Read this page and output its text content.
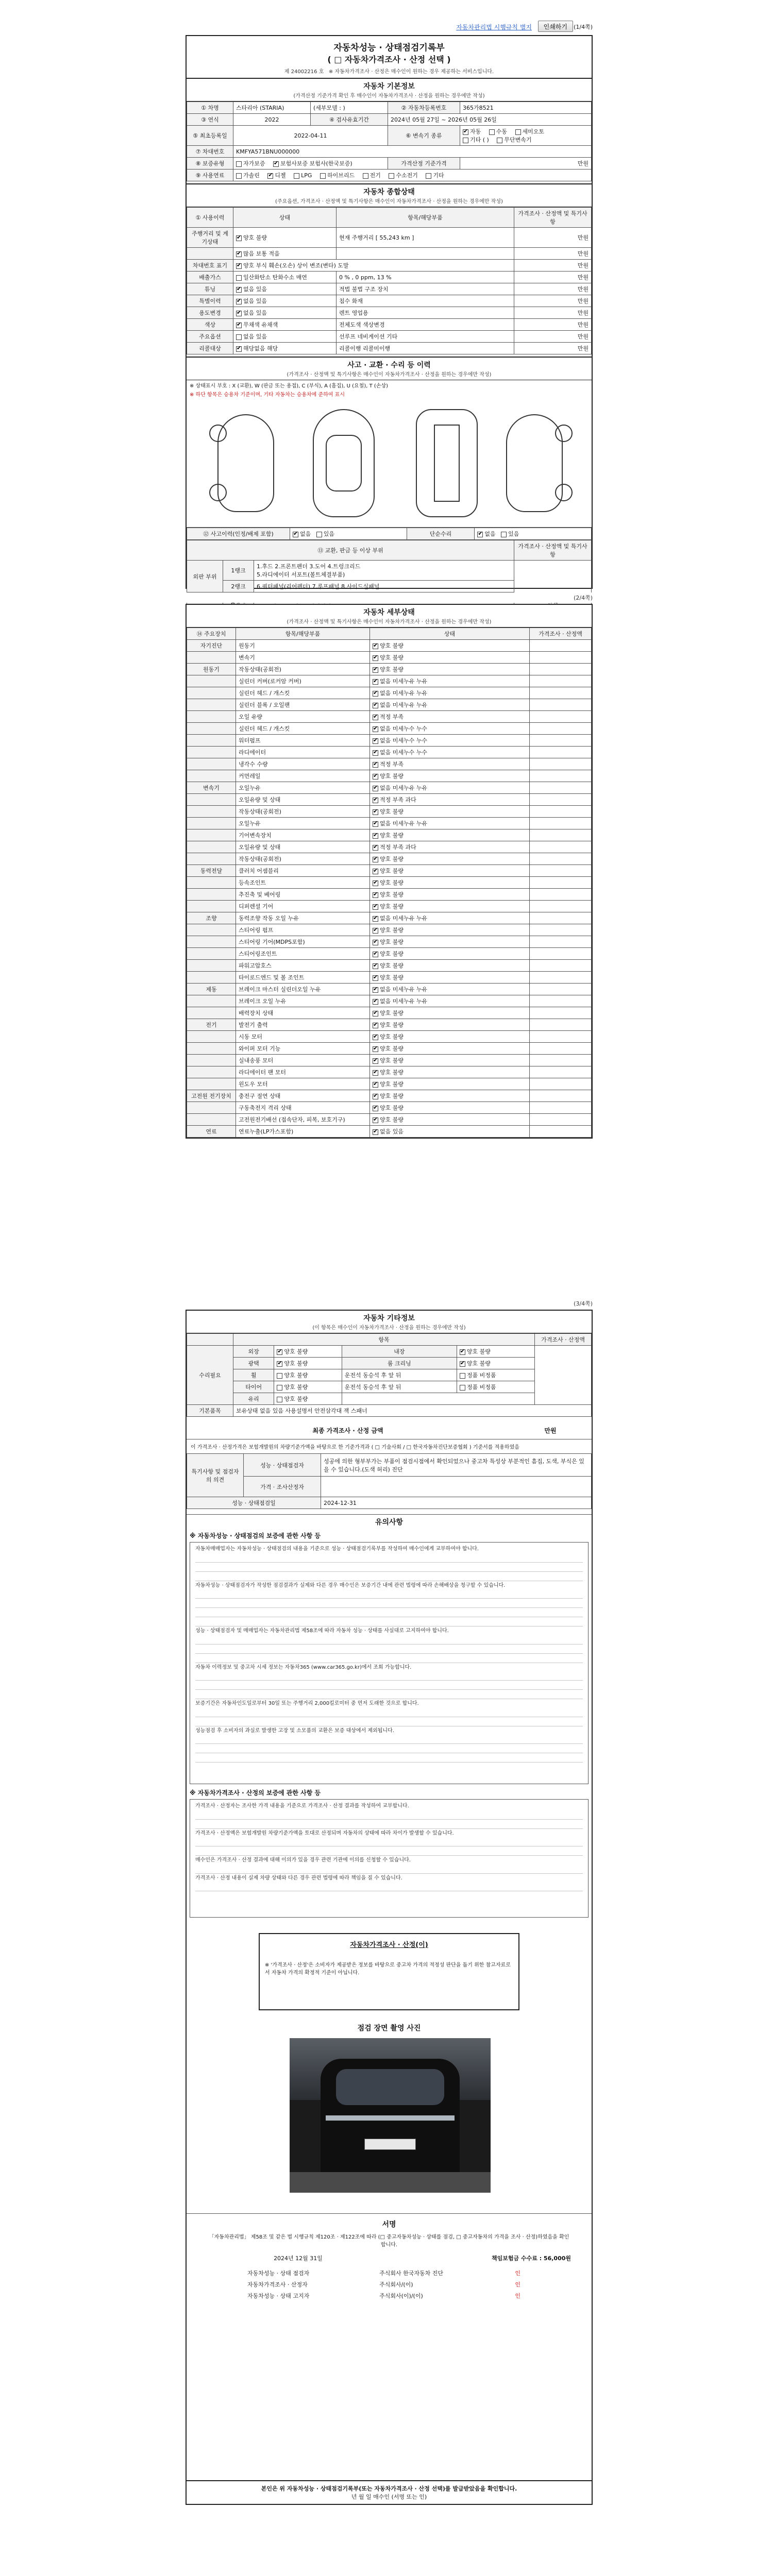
자동차관리법 시행규칙 별지	인쇄하기	(1/4쪽)
자동차성능 · 상태점검기록부
( □ 자동차가격조사 · 산정 선택 )
제 24002216 호 ※ 자동차가격조사 · 산정은 매수인이 원하는 경우 제공하는 서비스입니다.
자동차 기본정보
(가격산정 기준가격 확인 후 매수인이 자동차가격조사 · 산정을 원하는 경우에만 작성)
① 차명	스타리아 (STARIA)	(세부모델 : )	② 자동차등록번호	365가8521
③ 연식	2022	④ 검사유효기간	2024년 05월 27일 ~ 2026년 05월 26일	
⑤ 최초등록일	2022-04-11		⑥ 변속기 종류	✔자동 수동 세미오토
기타 ( ) 무단변속기
⑦ 차대번호	KMFYA571BNU000000			
⑧ 보증유형	자가보증 ✔ 보험사보증 보험사(한국보증)		가격산정 기준가격	만원
⑨ 사용연료	가솔린 ✔ 디젤 LPG 하이브리드 전기 수소전기 기타
자동차 종합상태
(주요옵션, 가격조사 · 산정액 및 특기사항은 매수인이 자동차가격조사 · 산정을 원하는 경우에만 작성)
① 사용이력	상태	항목/해당부품	가격조사 · 산정액 및 특기사항
주행거리 및 계기상태	✔양호 불량	현재 주행거리 [ 55,243 km ]	만원
	✔많음 보통 적음		만원
차대번호 표기	✔양호 부식 훼손(오손) 상이 변조(변타) 도말		만원
배출가스	일산화탄소 탄화수소 매연	0 % , 0 ppm, 13 %	만원
튜닝	✔없음 있음	적법 불법 구조 장치	만원
특별이력	✔없음 있음	침수 화재	만원
용도변경	✔없음 있음	렌트 영업용	만원
색상	✔무채색 유채색	전체도색 색상변경	만원
주요옵션	없음 있음	선루프 네비게이션 기타	만원
리콜대상	✔해당없음 해당	리콜이행 리콜미이행	만원
사고 · 교환 · 수리 등 이력
(가격조사 · 산정액 및 특기사항은 매수인이 자동차가격조사 · 산정을 원하는 경우에만 작성)
※ 상태표시 부호 : X (교환), W (판금 또는 용접), C (부식), A (흠집), U (요철), T (손상)
※ 하단 항목은 승용차 기준이며, 기타 자동차는 승용차에 준하여 표시
⑫ 사고이력(인정/배제 포함)	✔없음 있음	단순수리	✔없음 있음
⑬ 교환, 판금 등 이상 부위			가격조사 · 산정액 및 특기사항
외판 부위	1랭크	1.후드 2.프론트펜더 3.도어 4.트렁크리드
5.라디에이터 서포트(볼트체결부품)

	2랭크	6.쿼터패널(리어펜더) 7.루프패널 8.사이드실패널	

(2/4쪽)
자동차 세부상태
(가격조사 · 산정액 및 특기사항은 매수인이 자동차가격조사 · 산정을 원하는 경우에만 작성)
⑭ 주요장치	항목/해당부품	상태	가격조사 · 산정액
자기진단	원동기	✔양호 불량	
	변속기	✔양호 불량	
원동기	작동상태(공회전)	✔양호 불량	
	실린더 커버(로커암 커버)	✔없음 미세누유 누유	
	실린더 헤드 / 개스킷	✔없음 미세누유 누유	
	실린더 블록 / 오일팬	✔없음 미세누유 누유	
	오일 유량	✔적정 부족	
	실린더 헤드 / 개스킷	✔없음 미세누수 누수	
	워터펌프	✔없음 미세누수 누수	
	라디에이터	✔없음 미세누수 누수	
	냉각수 수량	✔적정 부족	
	커먼레일	✔양호 불량	
변속기	오일누유	✔없음 미세누유 누유	
	오일유량 및 상태	✔적정 부족 과다	
	작동상태(공회전)	✔양호 불량	
	오일누유	✔없음 미세누유 누유	
	기어변속장치	✔양호 불량	
	오일유량 및 상태	✔적정 부족 과다	
	작동상태(공회전)	✔양호 불량	
동력전달	클러치 어셈블리	✔양호 불량	
	등속조인트	✔양호 불량	
	추진축 및 베어링	✔양호 불량	
	디퍼렌셜 기어	✔양호 불량	
조향	동력조향 작동 오일 누유	✔없음 미세누유 누유	
	스티어링 펌프	✔양호 불량	
	스티어링 기어(MDPS포함)	✔양호 불량	
	스티어링조인트	✔양호 불량	
	파워고압호스	✔양호 불량	
	타이로드엔드 및 볼 조인트	✔양호 불량	
제동	브레이크 마스터 실린더오일 누유	✔없음 미세누유 누유	
	브레이크 오일 누유	✔없음 미세누유 누유	
	배력장치 상태	✔양호 불량	
전기	발전기 출력	✔양호 불량	
	시동 모터	✔양호 불량	
	와이퍼 모터 기능	✔양호 불량	
	실내송풍 모터	✔양호 불량	
	라디에이터 팬 모터	✔양호 불량	
	윈도우 모터	✔양호 불량	
고전원 전기장치	충전구 절연 상태	✔양호 불량	
	구동축전지 격리 상태	✔양호 불량	
	고전원전기배선 (접속단자, 피복, 보호기구)	✔양호 불량	
연료	연료누출(LP가스포함)	✔없음 있음	
(3/4쪽)
자동차 기타정보
(이 항목은 매수인이 자동차가격조사 · 산정을 원하는 경우에만 작성)
	항목				가격조사 · 산정액
수리필요	외장	✔양호 불량	내장	✔양호 불량	
	광택	✔양호 불량	룸 크리닝	✔양호 불량
	휠	양호 불량	운전석 동승석 후 앞 뒤	정품 비정품	
	타이어	양호 불량	운전석 동승석 후 앞 뒤	정품 비정품	
	유리	양호 불량			
기본품목	보유상태 없음 있음 사용설명서 안전삼각대 잭 스패너				
최종 가격조사 · 산정 금액	만원
이 가격조사 · 산정가격은 보험개발원의 차량기준가액을 바탕으로 한 기준가격과 ( □ 기술사회 / □ 한국자동차진단보증협회 ) 기준서를 적용하였음
특기사항 및 점검자의 의견	성능 · 상태점검자	성공에 의한 형부부가는 부품이 점검시점에서 확인되었으나 중고차 특성상 부분적인 흠집, 도색, 부식은 있을 수 있습니다.(도색 허리) 진단
	가격 · 조사산정자	
성능 · 상태점검일		2024-12-31
유의사항
※ 자동차성능 · 상태점검의 보증에 관한 사항 등

자동차매매업자는 자동차성능 · 상태점검의 내용을 기준으로 성능 · 상태점검기록부를 작성하여 매수인에게 교부하여야 합니다.

자동차성능 · 상태점검자가 작성한 점검결과가 실제와 다른 경우 매수인은 보증기간 내에 관련 법령에 따라 손해배상을 청구할 수 있습니다.

성능 · 상태점검자 및 매매업자는 자동차관리법 제58조에 따라 자동차 성능 · 상태를 사실대로 고지하여야 합니다.

자동차 이력정보 및 중고차 시세 정보는 자동차365 (www.car365.go.kr)에서 조회 가능합니다.

보증기간은 자동차인도일로부터 30일 또는 주행거리 2,000킬로미터 중 먼저 도래한 것으로 합니다.

성능점검 후 소비자의 과실로 발생한 고장 및 소모품의 교환은 보증 대상에서 제외됩니다.

※ 자동차가격조사 · 산정의 보증에 관한 사항 등

가격조사 · 산정자는 조사한 가격 내용을 기준으로 가격조사 · 산정 결과를 작성하여 교부합니다.

가격조사 · 산정액은 보험개발원 차량기준가액을 토대로 산정되며 자동차의 상태에 따라 차이가 발생할 수 있습니다.

매수인은 가격조사 · 산정 결과에 대해 이의가 있을 경우 관련 기관에 이의를 신청할 수 있습니다.

가격조사 · 산정 내용이 실제 차량 상태와 다른 경우 관련 법령에 따라 책임을 질 수 있습니다.

자동차가격조사 · 산정(이)
※ '가격조사 · 산정'은 소비자가 제공받은 정보를 바탕으로 중고차 가격의 적정성 판단을 돕기 위한 참고자료로서 자동차 가격의 확정적 기준이 아닙니다.
점검 장면 촬영 사진
서명
「자동차관리법」 제58조 및 같은 법 시행규칙 제120조 · 제122조에 따라 (□ 중고자동차성능 · 상태를 점검, □ 중고자동차의 가격을 조사 · 산정)하였음을 확인합니다.
2024년 12월 31일	책임보험금 수수료 : 56,000원
자동차성능 · 상태 점검자	주식회사 한국자동차 진단	인
자동차가격조사 · 산정자	주식회사/(이)	인
자동차성능 · 상태 고지자	주식회사(이)/(이)	인
본인은 위 자동차성능 · 상태점검기록부(또는 자동차가격조사 · 산정 선택)를 발급받았음을 확인합니다.
년 월 일 매수인 (서명 또는 인)
